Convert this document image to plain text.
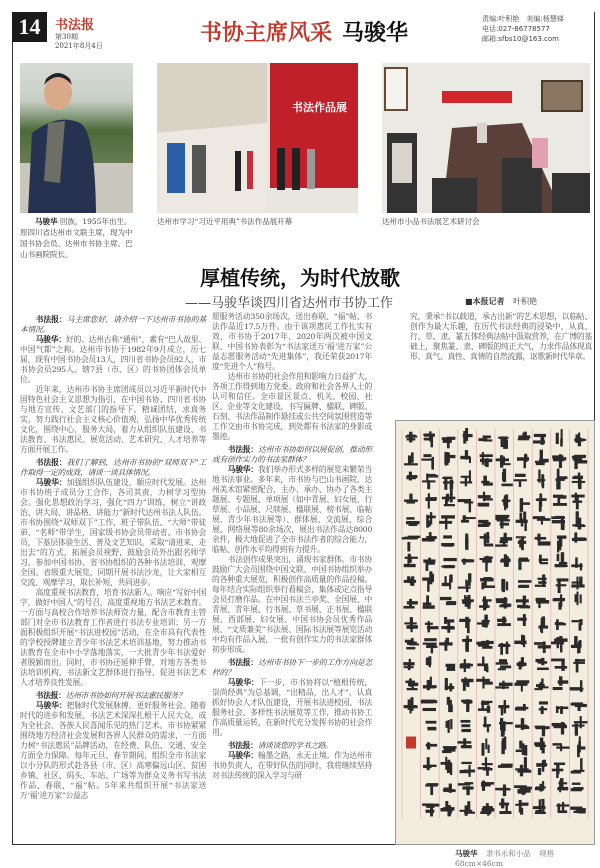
14	书法报
第30期
2021年8月4日	书协主席风采 马骏华
责编:叶积艳　美编:杨慧娣
电话:027-86778577
邮箱:sfbs10@163.com
马骏华 回族，1955年出生。原四川省达州市文联主席，现为中国书协会员、达州市书协主席、巴山书画院院长。
书法作品展
达州市学习“习近平用典”书法作品展开幕	达州市小品书法展艺术研讨会
厚植传统，为时代放歌
——马骏华谈四川省达州市书协工作	■本报记者 叶积艳

书法报：马主席您好，请介绍一下达州市书协的基本情况。

马骏华：好的。达州古称“通州”，素有“巴人故里、中国气都”之称。达州市书协于1982年9月成立，历七届，现有中国书协会员13人，四川省书协会员92人，市书协会员295人。辖7县（市、区）的书协团体会员单位。

近年来，达州市书协主席团成员以习近平新时代中国特色社会主义思想为指引，在中国书协、四川省书协与地方宣传、文艺部门的指导下，精诚团结，求真务实，努力践行社会主义核心价值观，弘扬中华优秀传统文化，围绕中心，服务大局，着力从组织队伍建设、书法教育、书法惠民、展览活动、艺术研究、人才培养等方面开展工作。

书法报：我们了解到，达州市书协的“双师双下”工作取得一定的成效，请谈一谈具体情况。

马骏华：加强组织队伍建设，顺应时代发展。达州市书协班子成员分工合作，各司其责，力树学习型协会。强化思想政治学习，强化“四力”训练，树立“讲政治、讲大局、讲品格、讲能力”新时代达州书法人队伍。市书协围绕“双师双下”工作，班子带队伍、“大师”带徒弟、“名师”带学生，国家级书协会员带动省、市书协会员，下基层体验生活、普及文艺知识。采取“请进来、走出去”的方式，拓展会员视野，鼓励会员外出跟名师学习，参加中国书协、省书协组织的各种书法培训，观摩全国、省级重大展览，同期开展书法沙龙，让大家相互交流、观摩学习，取长补短，共同进步。

高度重视书法教育，培育书法新人。响应“写好中国字，做好中国人”的号召，高度重视地方书法艺术教育。一方面与高校合作培养书法师资力量，配合市教育主管部门对全市书法教育工作者进行书法专业培训；另一方面积极组织开展“书法进校园”活动，在全市具有代表性的学校授牌建立青少年书法艺术培训基地，努力推动书法教育在全市中小学落地落实，一大批青少年书法爱好者脱颖而出。同时，市书协还延伸手臂，对地方各类书法培训机构、书法新文艺群体进行指导，促进书法艺术人才培养良性发展。

书法报：达州市书协如何开展书法惠民服务？

马骏华：把脉时代发展脉搏，更好服务社会。随着时代的进步和发展，书法艺术深深扎根于人民大众，成为全社会、各族人民喜闻乐见的热门艺术。市书协紧紧围绕地方经济社会发展和各界人民群众的需求，一方面力树“书法惠民”品牌活动，在经费、队伍、交通、安全方面全力保障。每年元旦、春节期间，组织全市书法家以小分队的形式赴各县（市、区）高寒偏远山区、贫困乡镇、社区、码头、车站、广场等为群众义务书写书法作品、春联、“福”帖。5年来共组织开展“书法家送万‘福’进万家”公益志

愿服务活动350余场次，送出春联、“福”帖、书法作品近17.5万件。由于该项惠民工作扎实有效，市书协于2017年、2020年两次被中国文联、中国书协表彰为“书法家送万‘福’进万家”公益志愿服务活动“先进集体”，我还荣获2017年度“先进个人”称号。

达州市书协的社会作用和影响力日益扩大，各项工作得到地方党委、政府和社会各界人士的认可和信任。全市景区景点、机关、校园、社区、企业等文化建设，书写匾牌、楹联、碑版、石刻、书法作品制作悬挂或公共空间氛围营造等工作交由市书协完成，到处都有书法家的身影或墨迹。

书法报：达州市书协如何以展促创，推动形成有创作实力的书法家群体？

马骏华：我们举办形式多样的展览来繁荣当地书法事业。多年来，市书协与巴山书画院、达州美术馆紧密配合，主办、承办、协办了各类主题展、专题展、单项展（如中青展、妇女展、行草展、小品展、尺牍展、楹联展、榜书展、临帖展、青少年书法展等）、群体展、交流展、综合展、网络展等80余场次，展出书法作品达8000余件，极大地促进了全市书法作者的综合能力，临帖、创作水平均得到有力提升。

书法创作成果突出，涌现书家群体。市书协鼓励广大会员围绕中国文联、中国书协组织举办的各种重大展览，积极创作高质量的作品投稿。每年结合实际组织举行看稿会，集体或定点指导会员打磨作品。在中国书法兰亭奖、全国展、中青展、青年展、行书展、草书展、正书展、楹联展、西部展、妇女展、中国书协会员优秀作品展、“文质兼美”书法展、国际书法展等展览活动中均有作品入展，一批有创作实力的书法家群体初步形成。

书法报：达州市书协下一步的工作方向是怎样的？

马骏华：下一步，市书协将以“植根传统，崇尚经典”为总基调，“出精品，出人才”，认真抓好协会人才队伍建设，开展书法进校园、书法服务社会、多样性书法展览等工作，推动书协工作高质量运转，在新时代充分发挥书协的社会作用。

书法报：请谈谈您的学书之路。

马骏华：翰墨之路，永无止境。作为达州市书协负责人，在带好队伍的同时，我将继续坚持对书法传统的深入学习与研

究，秉承“书以载道，承古出新”的艺术思想，以临帖、创作为最大乐趣，在历代书法经典的浸染中，从真、行、草、隶、篆五体经典法帖中汲取营养，在广博的基础上，聚焦篆、隶、碑版的纯正大气，力求作品体现真形、真气、真性、真情的自然流露，讴歌新时代华章。

马骏华 隶书永和小品 规格68cm×46cm
